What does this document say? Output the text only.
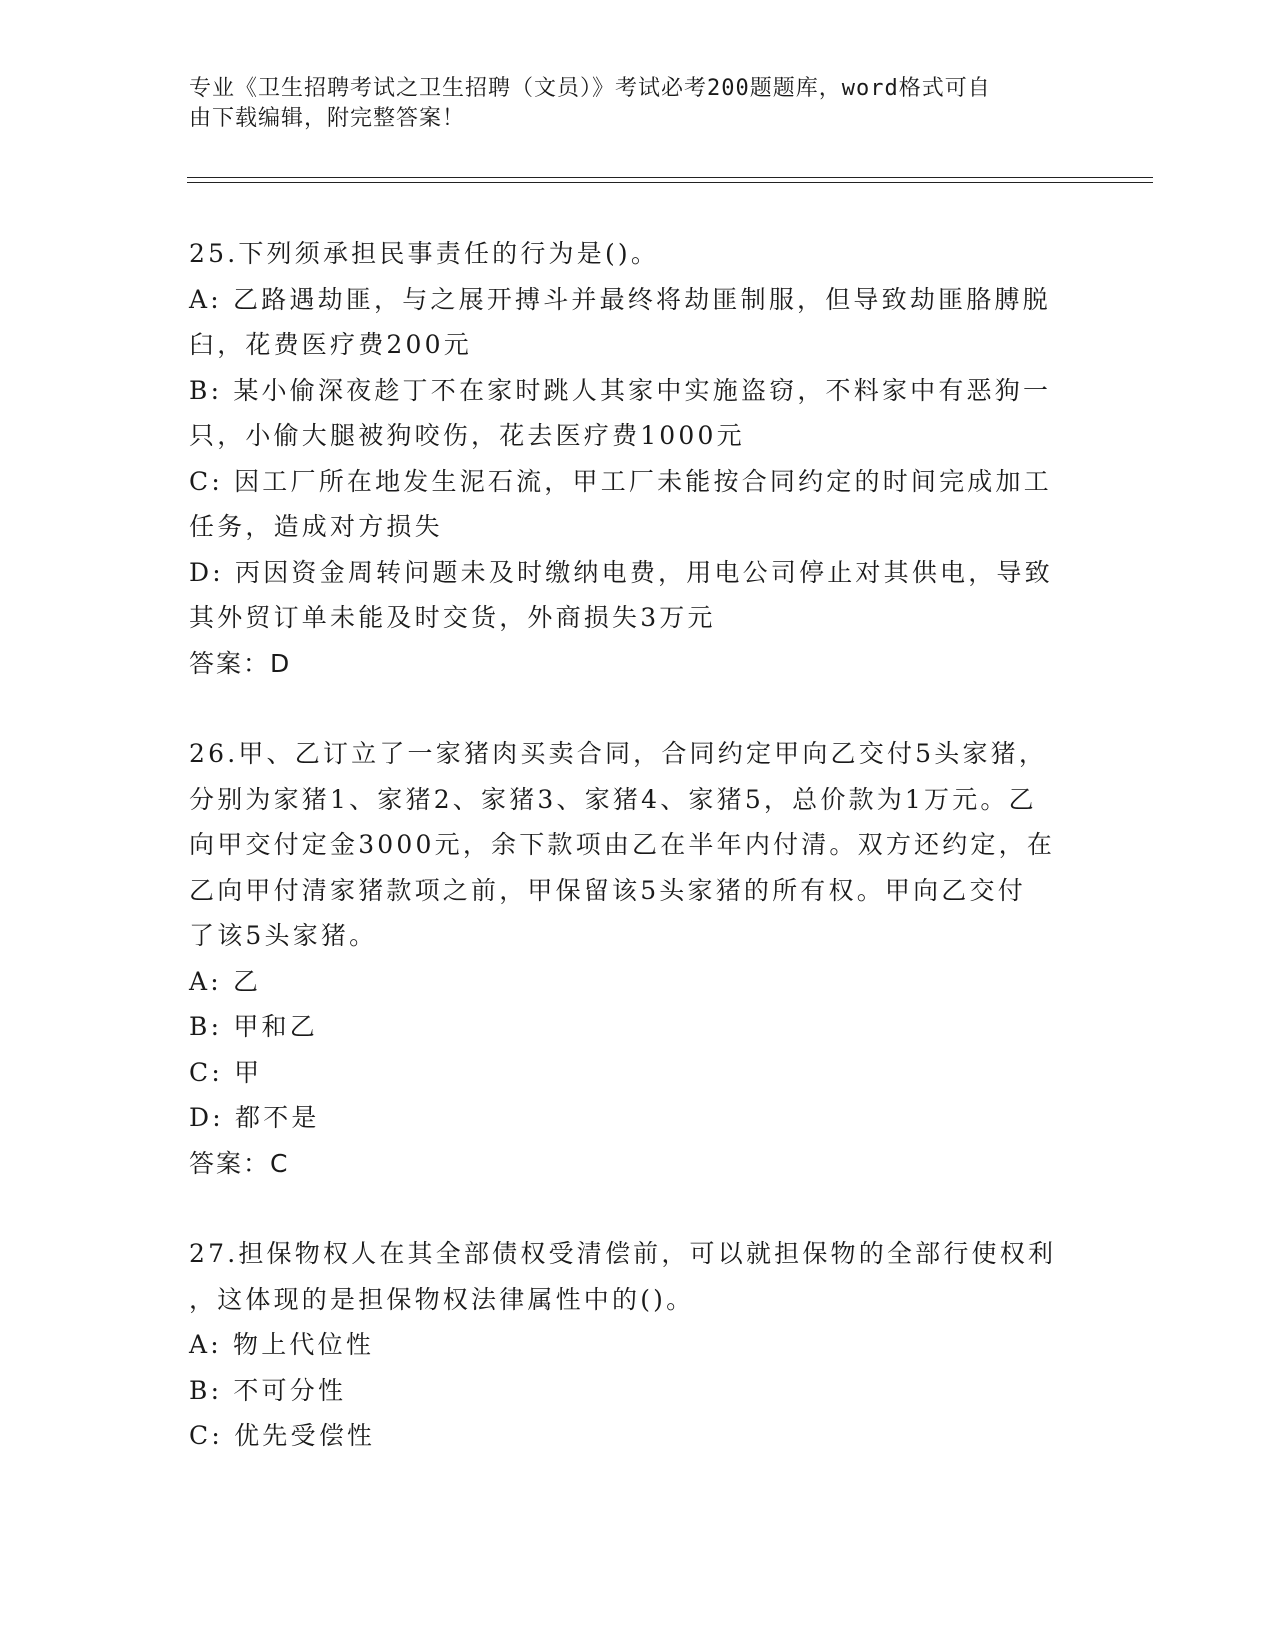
专业《卫生招聘考试之卫生招聘（文员）》考试必考200题题库，word格式可自
由下载编辑，附完整答案！
25.下列须承担民事责任的行为是()。
A: 乙路遇劫匪，与之展开搏斗并最终将劫匪制服，但导致劫匪胳膊脱
臼，花费医疗费200元
B: 某小偷深夜趁丁不在家时跳人其家中实施盗窃，不料家中有恶狗一
只，小偷大腿被狗咬伤，花去医疗费1000元
C: 因工厂所在地发生泥石流，甲工厂未能按合同约定的时间完成加工
任务，造成对方损失
D: 丙因资金周转问题未及时缴纳电费，用电公司停止对其供电，导致
其外贸订单未能及时交货，外商损失3万元
答案：D
26.甲、乙订立了一家猪肉买卖合同，合同约定甲向乙交付5头家猪，
分别为家猪1、家猪2、家猪3、家猪4、家猪5，总价款为1万元。乙
向甲交付定金3000元，余下款项由乙在半年内付清。双方还约定，在
乙向甲付清家猪款项之前，甲保留该5头家猪的所有权。甲向乙交付
了该5头家猪。
A: 乙
B: 甲和乙
C: 甲
D: 都不是
答案：C
27.担保物权人在其全部债权受清偿前，可以就担保物的全部行使权利
，这体现的是担保物权法律属性中的()。
A: 物上代位性
B: 不可分性
C: 优先受偿性
